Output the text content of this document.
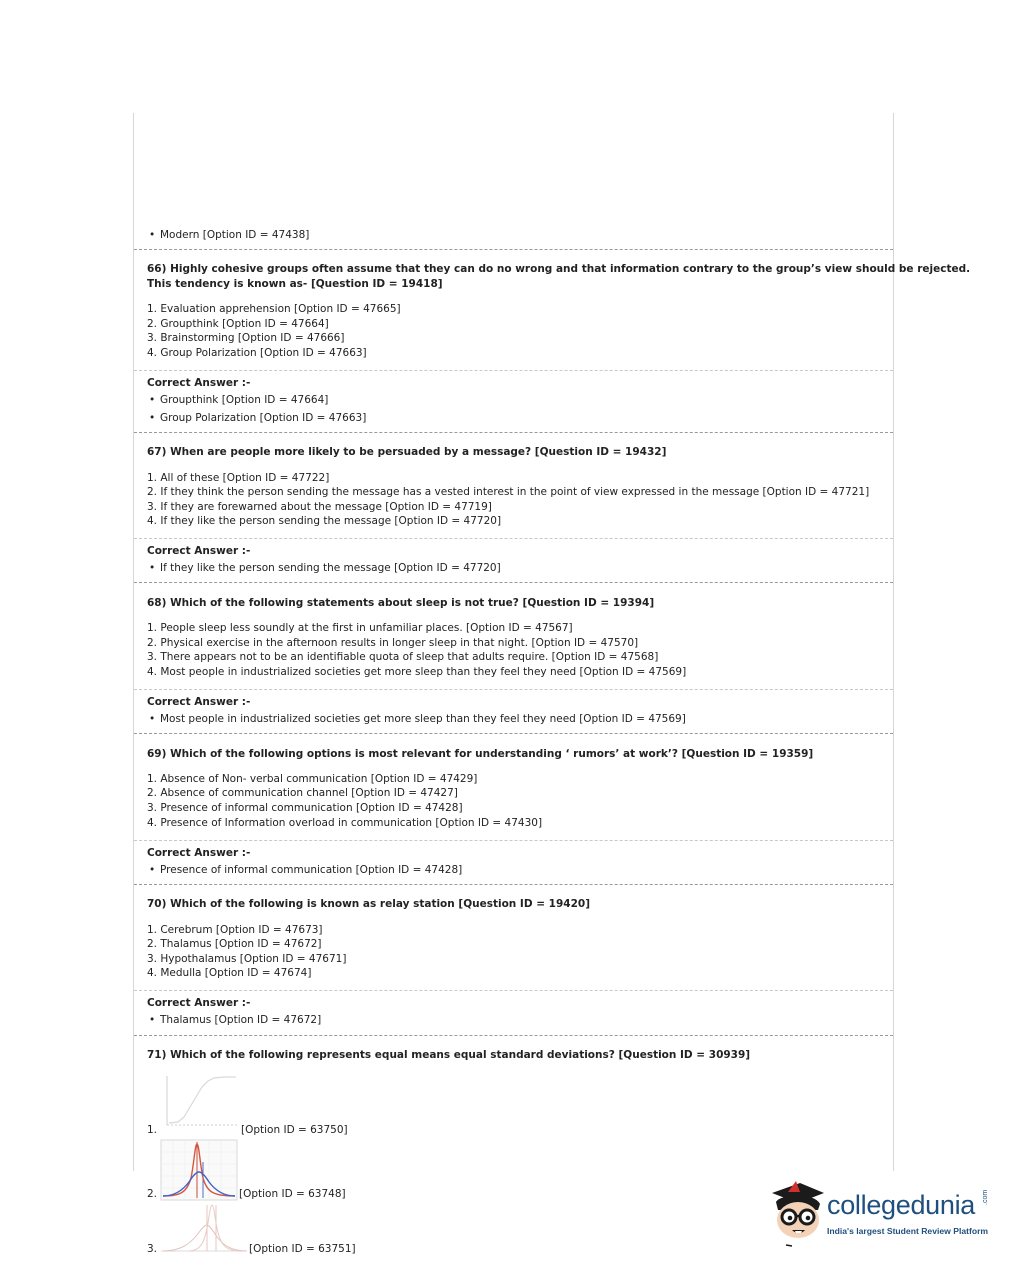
• Modern [Option ID = 47438]
66) Highly cohesive groups often assume that they can do no wrong and that information contrary to the group’s view should be rejected.
This tendency is known as- [Question ID = 19418]
1. Evaluation apprehension [Option ID = 47665]
2. Groupthink [Option ID = 47664]
3. Brainstorming [Option ID = 47666]
4. Group Polarization [Option ID = 47663]
Correct Answer :-
• Groupthink [Option ID = 47664]
• Group Polarization [Option ID = 47663]
67) When are people more likely to be persuaded by a message? [Question ID = 19432]
1. All of these [Option ID = 47722]
2. If they think the person sending the message has a vested interest in the point of view expressed in the message [Option ID = 47721]
3. If they are forewarned about the message [Option ID = 47719]
4. If they like the person sending the message [Option ID = 47720]
Correct Answer :-
• If they like the person sending the message [Option ID = 47720]
68) Which of the following statements about sleep is not true? [Question ID = 19394]
1. People sleep less soundly at the first in unfamiliar places. [Option ID = 47567]
2. Physical exercise in the afternoon results in longer sleep in that night. [Option ID = 47570]
3. There appears not to be an identifiable quota of sleep that adults require. [Option ID = 47568]
4. Most people in industrialized societies get more sleep than they feel they need [Option ID = 47569]
Correct Answer :-
• Most people in industrialized societies get more sleep than they feel they need [Option ID = 47569]
69) Which of the following options is most relevant for understanding ‘ rumors’ at work’? [Question ID = 19359]
1. Absence of Non- verbal communication [Option ID = 47429]
2. Absence of communication channel [Option ID = 47427]
3. Presence of informal communication [Option ID = 47428]
4. Presence of Information overload in communication [Option ID = 47430]
Correct Answer :-
• Presence of informal communication [Option ID = 47428]
70) Which of the following is known as relay station [Question ID = 19420]
1. Cerebrum [Option ID = 47673]
2. Thalamus [Option ID = 47672]
3. Hypothalamus [Option ID = 47671]
4. Medulla [Option ID = 47674]
Correct Answer :-
• Thalamus [Option ID = 47672]
71) Which of the following represents equal means equal standard deviations? [Question ID = 30939]
1.	[Option ID = 63750]
2.	[Option ID = 63748]
3.	[Option ID = 63751]
collegedunia .com
India's largest Student Review Platform
